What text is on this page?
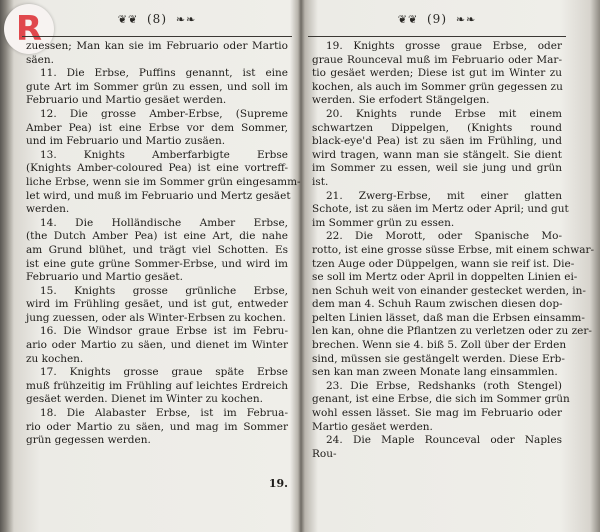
R	❦❦ (8) ❧❧
zuessen; Man kan sie im Februario oder Martio
säen.
11. Die Erbse, Puffins genannt, ist eine
gute Art im Sommer grün zu essen, und soll im
Februario und Martio gesäet werden.
12. Die grosse Amber-Erbse, (Supreme
Amber Pea) ist eine Erbse vor dem Sommer,
und im Februario und Martio zusäen.
13. Knights Amberfarbigte Erbse
(Knights Amber-coloured Pea) ist eine vortreff-
liche Erbse, wenn sie im Sommer grün eingesamm-
let wird, und muß im Februario und Mertz gesäet
werden.
14. Die Holländische Amber Erbse,
(the Dutch Amber Pea) ist eine Art, die nahe
am Grund blühet, und trägt viel Schotten. Es
ist eine gute grüne Sommer-Erbse, und wird im
Februario und Martio gesäet.
15. Knights grosse grünliche Erbse,
wird im Frühling gesäet, und ist gut, entweder
jung zuessen, oder als Winter-Erbsen zu kochen.
16. Die Windsor graue Erbse ist im Febru-
ario oder Martio zu säen, und dienet im Winter
zu kochen.
17. Knights grosse graue späte Erbse
muß frühzeitig im Frühling auf leichtes Erdreich
gesäet werden. Dienet im Winter zu kochen.
18. Die Alabaster Erbse, ist im Februa-
rio oder Martio zu säen, und mag im Sommer
grün gegessen werden.
19.
❦❦ (9) ❧❧
19. Knights grosse graue Erbse, oder
graue Rounceval muß im Februario oder Mar-
tio gesäet werden; Diese ist gut im Winter zu
kochen, als auch im Sommer grün gegessen zu
werden. Sie erfodert Stängelgen.
20. Knights runde Erbse mit einem
schwartzen Dippelgen, (Knights round
black-eye'd Pea) ist zu säen im Frühling, und
wird tragen, wann man sie stängelt. Sie dient
im Sommer zu essen, weil sie jung und grün
ist.
21. Zwerg-Erbse, mit einer glatten
Schote, ist zu säen im Mertz oder April; und gut
im Sommer grün zu essen.
22. Die Morott, oder Spanische Mo-
rotto, ist eine grosse süsse Erbse, mit einem schwar-
tzen Auge oder Düppelgen, wann sie reif ist. Die-
se soll im Mertz oder April in doppelten Linien ei-
nen Schuh weit von einander gestecket werden, in-
dem man 4. Schuh Raum zwischen diesen dop-
pelten Linien lässet, daß man die Erbsen einsamm-
len kan, ohne die Pflantzen zu verletzen oder zu zer-
brechen. Wenn sie 4. biß 5. Zoll über der Erden
sind, müssen sie gestängelt werden. Diese Erb-
sen kan man zween Monate lang einsammlen.
23. Die Erbse, Redshanks (roth Stengel)
genant, ist eine Erbse, die sich im Sommer grün
wohl essen lässet. Sie mag im Februario oder
Martio gesäet werden.
24. Die Maple Rounceval oder Naples
Rou-
